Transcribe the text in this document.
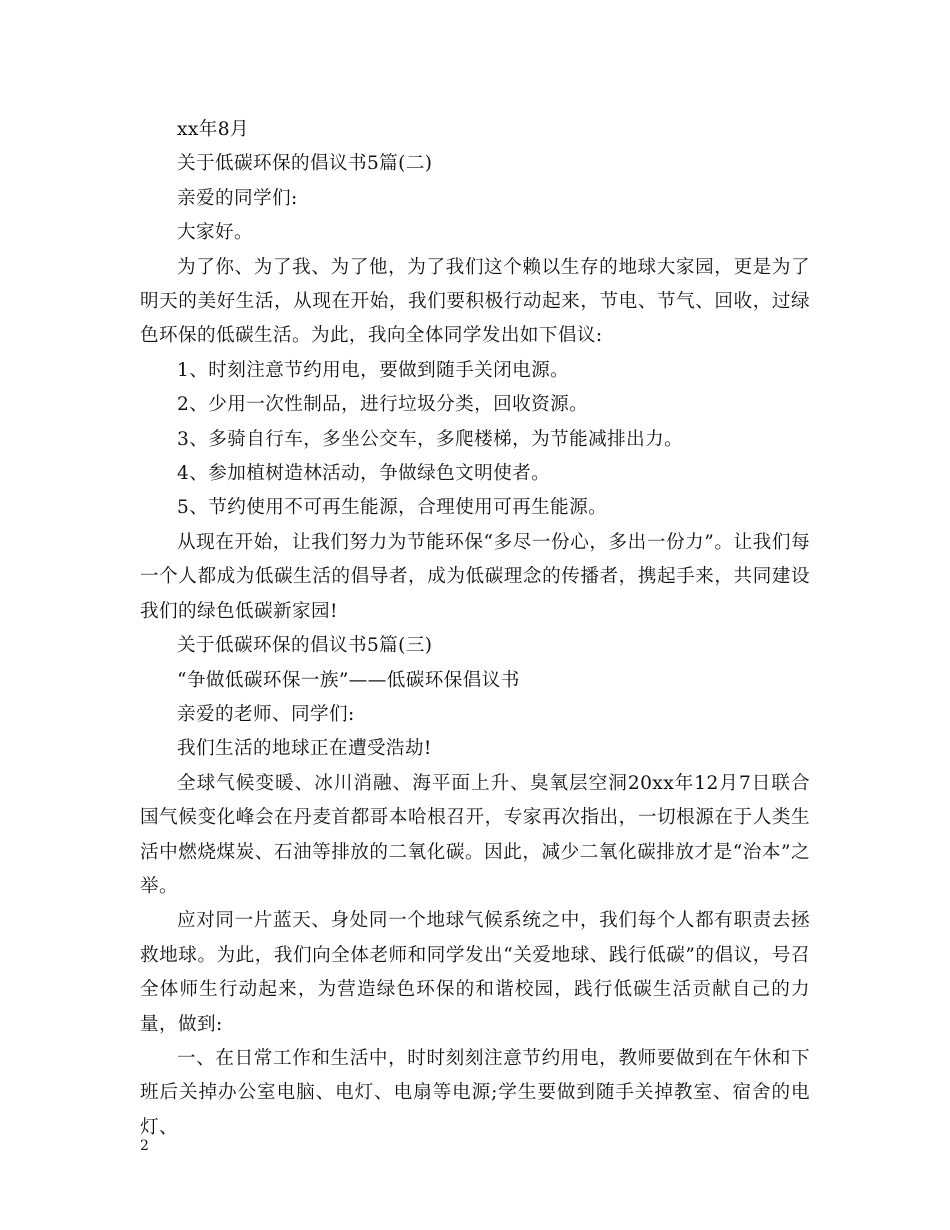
xx年8月

关于低碳环保的倡议书5篇(二)

亲爱的同学们:

大家好。

为了你、为了我、为了他，为了我们这个赖以生存的地球大家园，更是为了明天的美好生活，从现在开始，我们要积极行动起来，节电、节气、回收，过绿色环保的低碳生活。为此，我向全体同学发出如下倡议:

1、时刻注意节约用电，要做到随手关闭电源。

2、少用一次性制品，进行垃圾分类，回收资源。

3、多骑自行车，多坐公交车，多爬楼梯，为节能减排出力。

4、参加植树造林活动，争做绿色文明使者。

5、节约使用不可再生能源，合理使用可再生能源。

从现在开始，让我们努力为节能环保“多尽一份心，多出一份力”。让我们每一个人都成为低碳生活的倡导者，成为低碳理念的传播者，携起手来，共同建设我们的绿色低碳新家园!

关于低碳环保的倡议书5篇(三)

“争做低碳环保一族”——低碳环保倡议书

亲爱的老师、同学们:

我们生活的地球正在遭受浩劫!

全球气候变暖、冰川消融、海平面上升、臭氧层空洞20xx年12月7日联合国气候变化峰会在丹麦首都哥本哈根召开，专家再次指出，一切根源在于人类生活中燃烧煤炭、石油等排放的二氧化碳。因此，减少二氧化碳排放才是“治本”之举。

应对同一片蓝天、身处同一个地球气候系统之中，我们每个人都有职责去拯救地球。为此，我们向全体老师和同学发出“关爱地球、践行低碳”的倡议，号召全体师生行动起来，为营造绿色环保的和谐校园，践行低碳生活贡献自己的力量，做到:

一、在日常工作和生活中，时时刻刻注意节约用电，教师要做到在午休和下班后关掉办公室电脑、电灯、电扇等电源;学生要做到随手关掉教室、宿舍的电灯、

2
